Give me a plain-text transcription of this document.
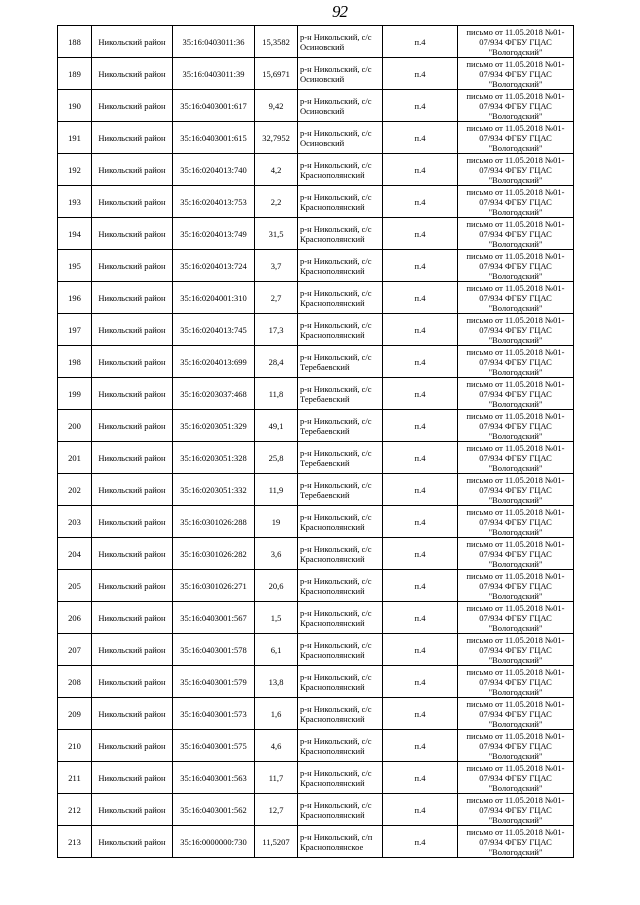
92
188	Никольский район	35:16:0403011:36	15,3582	р-н Никольский, с/с Осиновский	п.4	письмо от 11.05.2018 №01-07/934 ФГБУ ГЦАС "Вологодский"
189	Никольский район	35:16:0403011:39	15,6971	р-н Никольский, с/с Осиновский	п.4	письмо от 11.05.2018 №01-07/934 ФГБУ ГЦАС "Вологодский"
190	Никольский район	35:16:0403001:617	9,42	р-н Никольский, с/с Осиновский	п.4	письмо от 11.05.2018 №01-07/934 ФГБУ ГЦАС "Вологодский"
191	Никольский район	35:16:0403001:615	32,7952	р-н Никольский, с/с Осиновский	п.4	письмо от 11.05.2018 №01-07/934 ФГБУ ГЦАС "Вологодский"
192	Никольский район	35:16:0204013:740	4,2	р-н Никольский, с/с Краснополянский	п.4	письмо от 11.05.2018 №01-07/934 ФГБУ ГЦАС "Вологодский"
193	Никольский район	35:16:0204013:753	2,2	р-н Никольский, с/с Краснополянский	п.4	письмо от 11.05.2018 №01-07/934 ФГБУ ГЦАС "Вологодский"
194	Никольский район	35:16:0204013:749	31,5	р-н Никольский, с/с Краснополянский	п.4	письмо от 11.05.2018 №01-07/934 ФГБУ ГЦАС "Вологодский"
195	Никольский район	35:16:0204013:724	3,7	р-н Никольский, с/с Краснополянский	п.4	письмо от 11.05.2018 №01-07/934 ФГБУ ГЦАС "Вологодский"
196	Никольский район	35:16:0204001:310	2,7	р-н Никольский, с/с Краснополянский	п.4	письмо от 11.05.2018 №01-07/934 ФГБУ ГЦАС "Вологодский"
197	Никольский район	35:16:0204013:745	17,3	р-н Никольский, с/с Краснополянский	п.4	письмо от 11.05.2018 №01-07/934 ФГБУ ГЦАС "Вологодский"
198	Никольский район	35:16:0204013:699	28,4	р-н Никольский, с/с Теребаевский	п.4	письмо от 11.05.2018 №01-07/934 ФГБУ ГЦАС "Вологодский"
199	Никольский район	35:16:0203037:468	11,8	р-н Никольский, с/с Теребаевский	п.4	письмо от 11.05.2018 №01-07/934 ФГБУ ГЦАС "Вологодский"
200	Никольский район	35:16:0203051:329	49,1	р-н Никольский, с/с Теребаевский	п.4	письмо от 11.05.2018 №01-07/934 ФГБУ ГЦАС "Вологодский"
201	Никольский район	35:16:0203051:328	25,8	р-н Никольский, с/с Теребаевский	п.4	письмо от 11.05.2018 №01-07/934 ФГБУ ГЦАС "Вологодский"
202	Никольский район	35:16:0203051:332	11,9	р-н Никольский, с/с Теребаевский	п.4	письмо от 11.05.2018 №01-07/934 ФГБУ ГЦАС "Вологодский"
203	Никольский район	35:16:0301026:288	19	р-н Никольский, с/с Краснополянский	п.4	письмо от 11.05.2018 №01-07/934 ФГБУ ГЦАС "Вологодский"
204	Никольский район	35:16:0301026:282	3,6	р-н Никольский, с/с Краснополянский	п.4	письмо от 11.05.2018 №01-07/934 ФГБУ ГЦАС "Вологодский"
205	Никольский район	35:16:0301026:271	20,6	р-н Никольский, с/с Краснополянский	п.4	письмо от 11.05.2018 №01-07/934 ФГБУ ГЦАС "Вологодский"
206	Никольский район	35:16:0403001:567	1,5	р-н Никольский, с/с Краснополянский	п.4	письмо от 11.05.2018 №01-07/934 ФГБУ ГЦАС "Вологодский"
207	Никольский район	35:16:0403001:578	6,1	р-н Никольский, с/с Краснополянский	п.4	письмо от 11.05.2018 №01-07/934 ФГБУ ГЦАС "Вологодский"
208	Никольский район	35:16:0403001:579	13,8	р-н Никольский, с/с Краснополянский	п.4	письмо от 11.05.2018 №01-07/934 ФГБУ ГЦАС "Вологодский"
209	Никольский район	35:16:0403001:573	1,6	р-н Никольский, с/с Краснополянский	п.4	письмо от 11.05.2018 №01-07/934 ФГБУ ГЦАС "Вологодский"
210	Никольский район	35:16:0403001:575	4,6	р-н Никольский, с/с Краснополянский	п.4	письмо от 11.05.2018 №01-07/934 ФГБУ ГЦАС "Вологодский"
211	Никольский район	35:16:0403001:563	11,7	р-н Никольский, с/с Краснополянский	п.4	письмо от 11.05.2018 №01-07/934 ФГБУ ГЦАС "Вологодский"
212	Никольский район	35:16:0403001:562	12,7	р-н Никольский, с/с Краснополянский	п.4	письмо от 11.05.2018 №01-07/934 ФГБУ ГЦАС "Вологодский"
213	Никольский район	35:16:0000000:730	11,5207	р-н Никольский, с/п Краснополянское	п.4	письмо от 11.05.2018 №01-07/934 ФГБУ ГЦАС "Вологодский"
